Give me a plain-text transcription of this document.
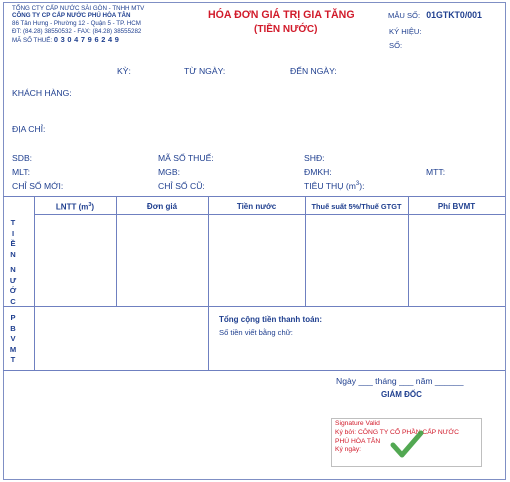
TỔNG CTY CẤP NƯỚC SÀI GÒN - TNHH MTV
CÔNG TY CP CẤP NƯỚC PHÚ HÒA TÂN
86 Tân Hưng - Phường 12 - Quận 5 - TP. HCM
ĐT: (84.28) 38550532 - FAX: (84.28) 38555282
MÃ SỐ THUẾ: 0 3 0 4 7 9 6 2 4 9
HÓA ĐƠN GIÁ TRỊ GIA TĂNG
(TIỀN NƯỚC)
MẪU SỐ: 01GTKT0/001
KÝ HIỆU:
SỐ:
KỲ:	TỪ NGÀY:	ĐẾN NGÀY:
KHÁCH HÀNG:
ĐỊA CHỈ:
SDB:	MÃ SỐ THUẾ:	SHĐ:
MLT:	MGB:	ĐMKH:	MTT:
CHỈ SỐ MỚI:	CHỈ SỐ CŨ:	TIÊU THỤ $(m^3)$:
T
I
Ề
N
N
Ư
Ớ
C
P
B
V
M
T
LNTT $(m^3)$	Đơn giá	Tiền nước	Thuế suất 5%/Thuế GTGT	Phí BVMT
Tổng cộng tiền thanh toán:
Số tiền viết bằng chữ:
Ngày ___ tháng ___ năm ______
GIÁM ĐỐC
Signature Valid
Ký bởi: CÔNG TY CỔ PHẦN CẤP NƯỚC
PHÚ HÒA TÂN
Ký ngày:
